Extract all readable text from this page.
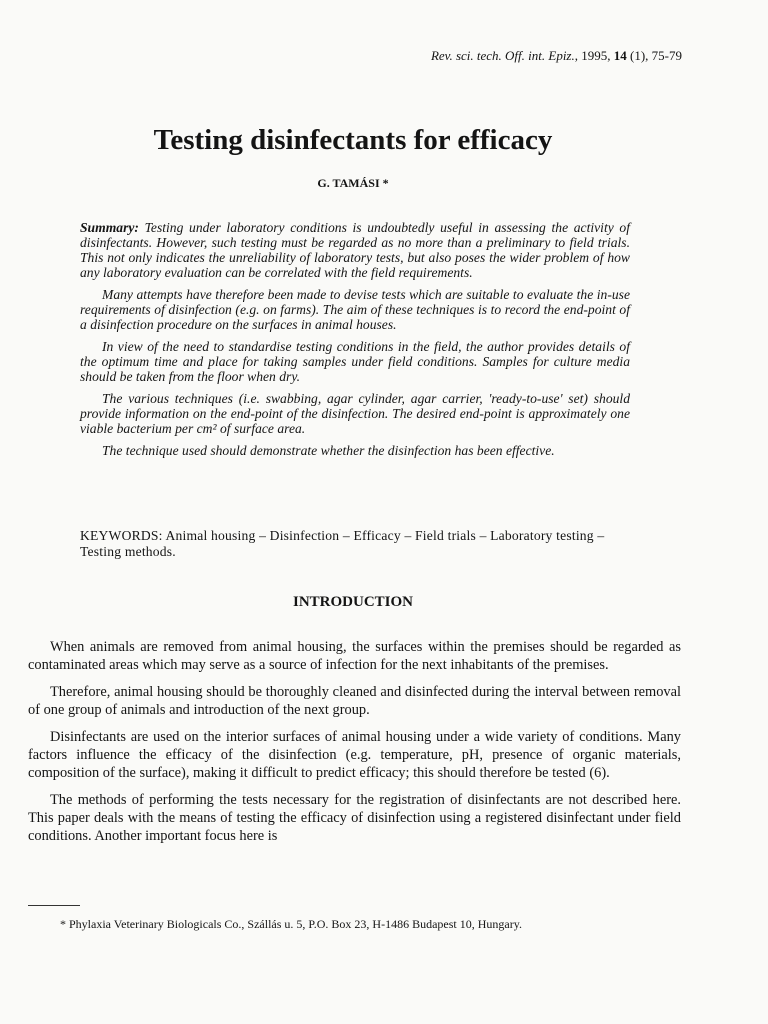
Rev. sci. tech. Off. int. Epiz., 1995, 14 (1), 75-79
Testing disinfectants for efficacy
G. TAMÁSI *

Summary: Testing under laboratory conditions is undoubtedly useful in assessing the activity of disinfectants. However, such testing must be regarded as no more than a preliminary to field trials. This not only indicates the unreliability of laboratory tests, but also poses the wider problem of how any laboratory evaluation can be correlated with the field requirements.

Many attempts have therefore been made to devise tests which are suitable to evaluate the in-use requirements of disinfection (e.g. on farms). The aim of these techniques is to record the end-point of a disinfection procedure on the surfaces in animal houses.

In view of the need to standardise testing conditions in the field, the author provides details of the optimum time and place for taking samples under field conditions. Samples for culture media should be taken from the floor when dry.

The various techniques (i.e. swabbing, agar cylinder, agar carrier, 'ready-to-use' set) should provide information on the end-point of the disinfection. The desired end-point is approximately one viable bacterium per cm² of surface area.

The technique used should demonstrate whether the disinfection has been effective.

KEYWORDS: Animal housing – Disinfection – Efficacy – Field trials – Laboratory testing – Testing methods.
INTRODUCTION

When animals are removed from animal housing, the surfaces within the premises should be regarded as contaminated areas which may serve as a source of infection for the next inhabitants of the premises.

Therefore, animal housing should be thoroughly cleaned and disinfected during the interval between removal of one group of animals and introduction of the next group.

Disinfectants are used on the interior surfaces of animal housing under a wide variety of conditions. Many factors influence the efficacy of the disinfection (e.g. temperature, pH, presence of organic materials, composition of the surface), making it difficult to predict efficacy; this should therefore be tested (6).

The methods of performing the tests necessary for the registration of disinfectants are not described here. This paper deals with the means of testing the efficacy of disinfection using a registered disinfectant under field conditions. Another important focus here is

* Phylaxia Veterinary Biologicals Co., Szállás u. 5, P.O. Box 23, H-1486 Budapest 10, Hungary.
